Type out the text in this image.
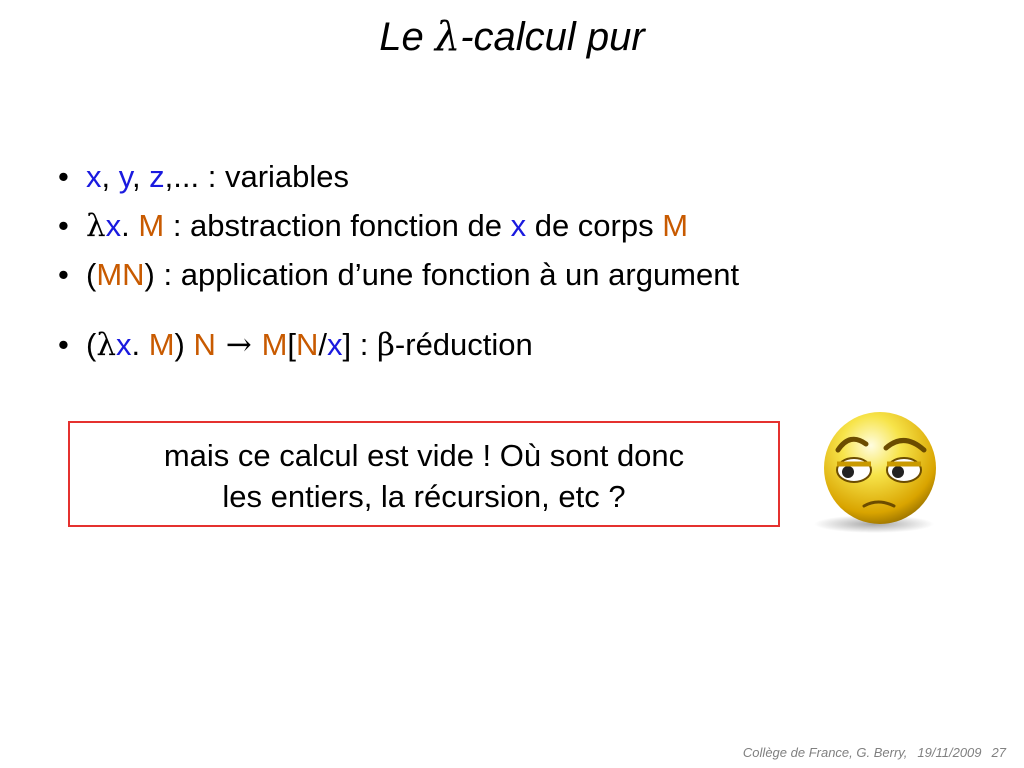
Le λ-calcul pur
• x, y, z,... : variables
• λx. M : abstraction fonction de x de corps M
• (MN) : application d’une fonction à un argument
• (λx. M) N → M[N/x] : β-réduction
mais ce calcul est vide ! Où sont donc
les entiers, la récursion, etc ?
Collège de France, G. Berry, 19/11/2009 27
